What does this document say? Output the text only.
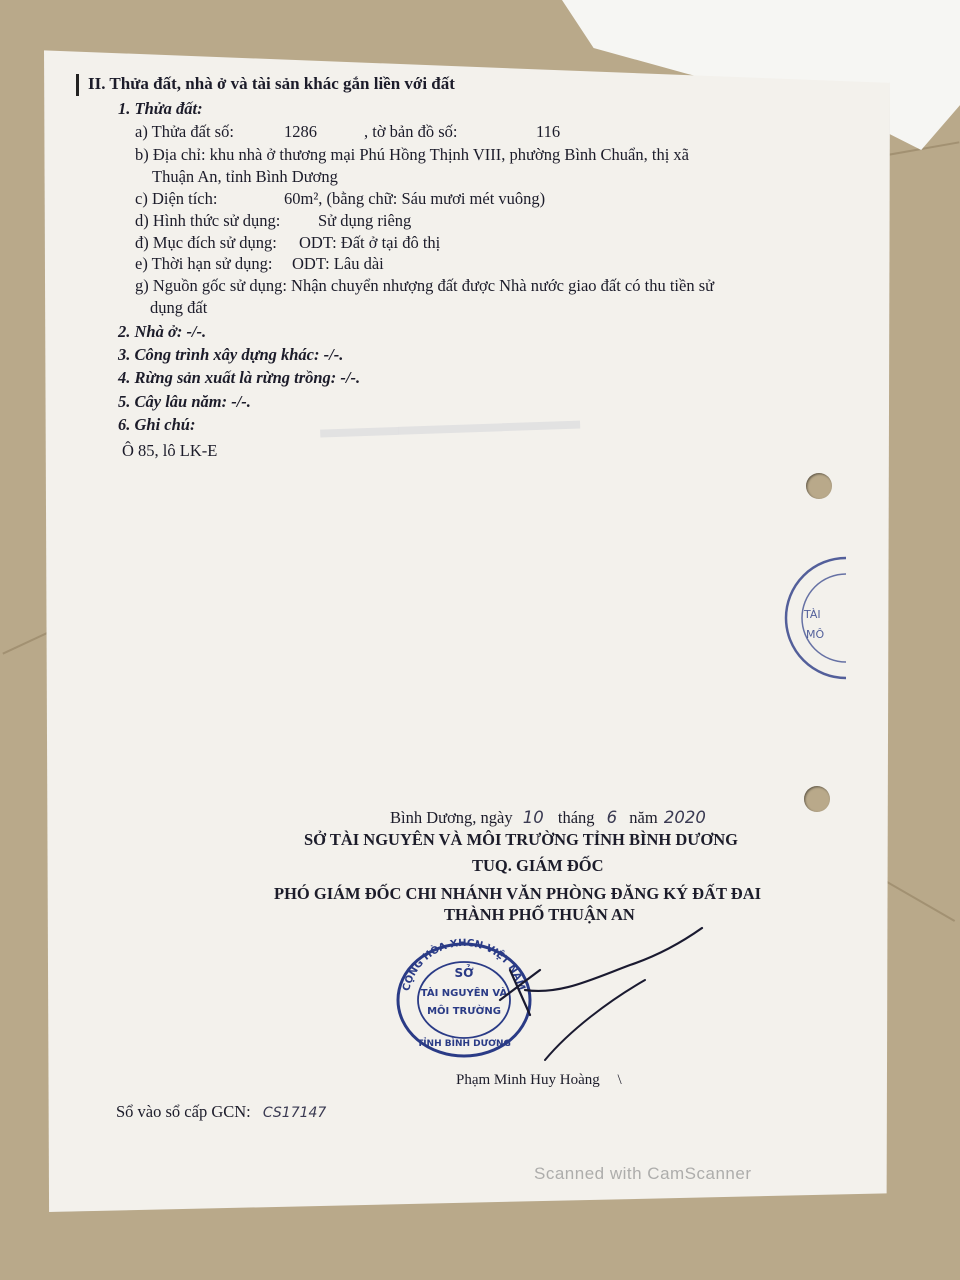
▬▬▬▬▬▬▬▬▬▬
II. Thửa đất, nhà ở và tài sản khác gắn liền với đất
1. Thửa đất:
a) Thửa đất số:	1286	, tờ bản đồ số:	116
b) Địa chỉ: khu nhà ở thương mại Phú Hồng Thịnh VIII, phường Bình Chuẩn, thị xã
Thuận An, tỉnh Bình Dương
c) Diện tích:	60m², (bằng chữ: Sáu mươi mét vuông)
d) Hình thức sử dụng: Sử dụng riêng
đ) Mục đích sử dụng: ODT: Đất ở tại đô thị
e) Thời hạn sử dụng: ODT: Lâu dài
g) Nguồn gốc sử dụng: Nhận chuyển nhượng đất được Nhà nước giao đất có thu tiền sử
dụng đất
2. Nhà ở: -/-.
3. Công trình xây dựng khác: -/-.
4. Rừng sản xuất là rừng trồng: -/-.
5. Cây lâu năm: -/-.
6. Ghi chú:
Ô 85, lô LK-E
TÀI
MÔ
Bình Dương, ngày 10 tháng 6 năm 2020
SỞ TÀI NGUYÊN VÀ MÔI TRƯỜNG TỈNH BÌNH DƯƠNG
TUQ. GIÁM ĐỐC
PHÓ GIÁM ĐỐC CHI NHÁNH VĂN PHÒNG ĐĂNG KÝ ĐẤT ĐAI
THÀNH PHỐ THUẬN AN
CỘNG HÒA XHCN VIỆT NAM
SỞ
TÀI NGUYÊN VÀ
MÔI TRƯỜNG
TỈNH BÌNH DƯƠNG
Phạm Minh Huy Hoàng \
Sổ vào sổ cấp GCN: CS17147
Scanned with CamScanner
